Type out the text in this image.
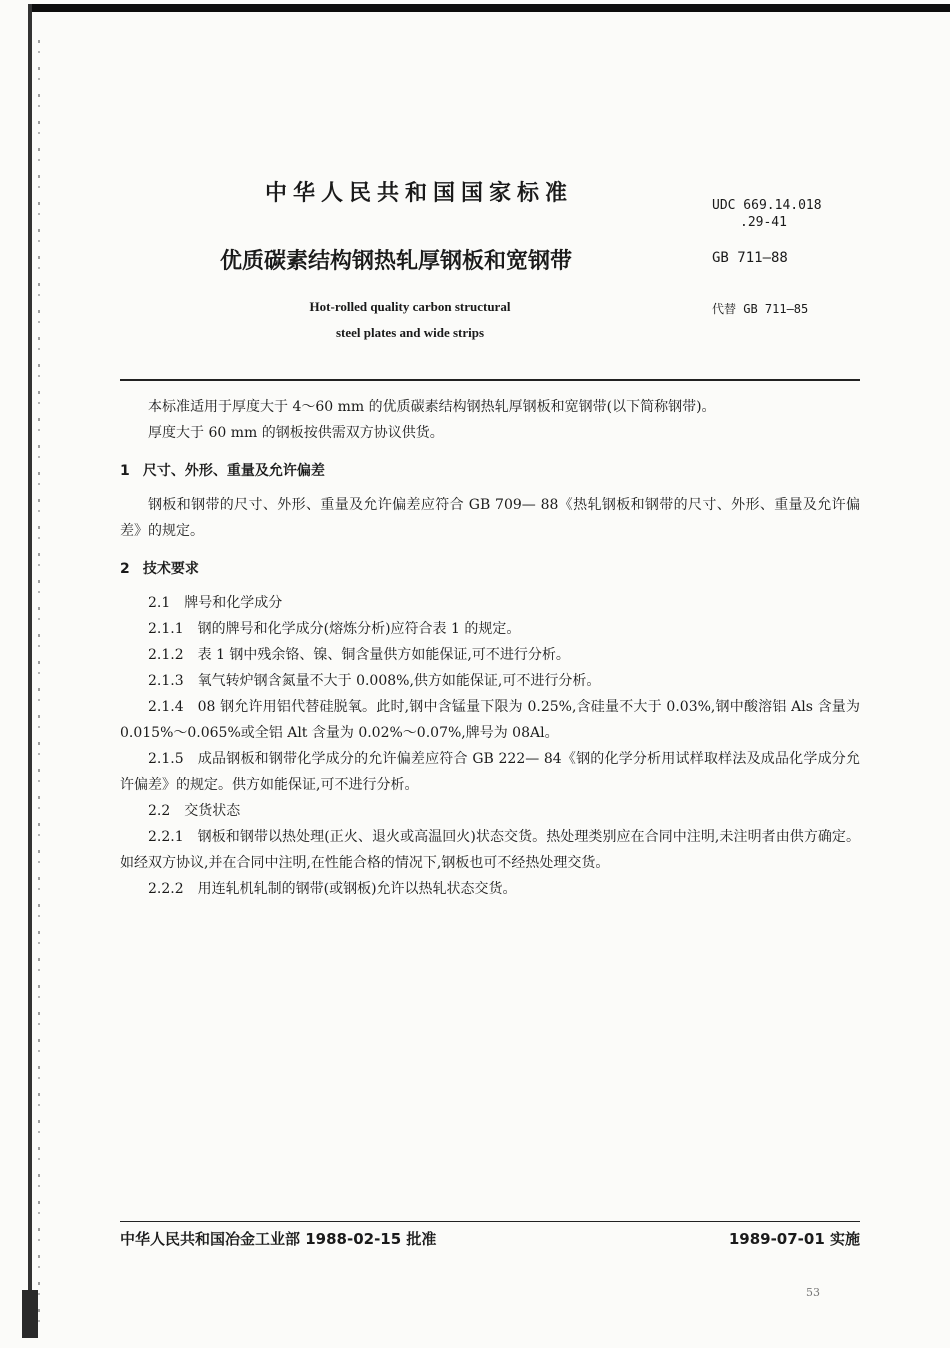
中华人民共和国国家标准
优质碳素结构钢热轧厚钢板和宽钢带
Hot-rolled quality carbon structural
steel plates and wide strips
UDC 669.14.018
.29-41
GB 711—88
代替 GB 711—85

本标准适用于厚度大于 4～60 mm 的优质碳素结构钢热轧厚钢板和宽钢带(以下简称钢带)。

厚度大于 60 mm 的钢板按供需双方协议供货。

1 尺寸、外形、重量及允许偏差

钢板和钢带的尺寸、外形、重量及允许偏差应符合 GB 709— 88《热轧钢板和钢带的尺寸、外形、重量及允许偏差》的规定。

2 技术要求

2.1 牌号和化学成分

2.1.1 钢的牌号和化学成分(熔炼分析)应符合表 1 的规定。

2.1.2 表 1 钢中残余铬、镍、铜含量供方如能保证,可不进行分析。

2.1.3 氧气转炉钢含氮量不大于 0.008%,供方如能保证,可不进行分析。

2.1.4 08 钢允许用铝代替硅脱氧。此时,钢中含锰量下限为 0.25%,含硅量不大于 0.03%,钢中酸溶铝 Als 含量为 0.015%～0.065%或全铝 Alt 含量为 0.02%～0.07%,牌号为 08Al。

2.1.5 成品钢板和钢带化学成分的允许偏差应符合 GB 222— 84《钢的化学分析用试样取样法及成品化学成分允许偏差》的规定。供方如能保证,可不进行分析。

2.2 交货状态

2.2.1 钢板和钢带以热处理(正火、退火或高温回火)状态交货。热处理类别应在合同中注明,未注明者由供方确定。如经双方协议,并在合同中注明,在性能合格的情况下,钢板也可不经热处理交货。

2.2.2 用连轧机轧制的钢带(或钢板)允许以热轧状态交货。

中华人民共和国冶金工业部 1988-02-15 批准	1989-07-01 实施
53
